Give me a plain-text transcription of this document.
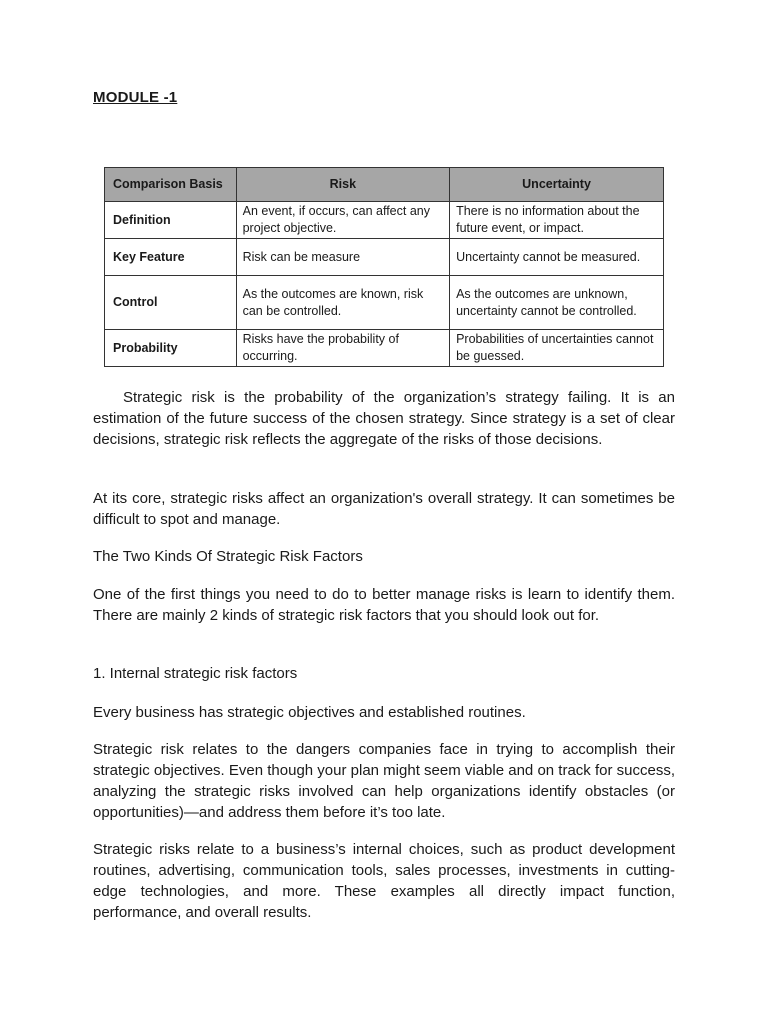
MODULE -1
Comparison Basis	Risk	Uncertainty
Definition	An event, if occurs, can affect any project objective.	There is no information about the future event, or impact.
Key Feature	Risk can be measure	Uncertainty cannot be measured.
Control	As the outcomes are known, risk can be controlled.	As the outcomes are unknown, uncertainty cannot be controlled.
Probability	Risks have the probability of occurring.	Probabilities of uncertainties cannot be guessed.

Strategic risk is the probability of the organization’s strategy failing. It is an estimation of the future success of the chosen strategy. Since strategy is a set of clear decisions, strategic risk reflects the aggregate of the risks of those decisions.

At its core, strategic risks affect an organization's overall strategy. It can sometimes be difficult to spot and manage.

The Two Kinds Of Strategic Risk Factors

One of the first things you need to do to better manage risks is learn to identify them. There are mainly 2 kinds of strategic risk factors that you should look out for.

1. Internal strategic risk factors

Every business has strategic objectives and established routines.

Strategic risk relates to the dangers companies face in trying to accomplish their strategic objectives. Even though your plan might seem viable and on track for success, analyzing the strategic risks involved can help organizations identify obstacles (or opportunities)—and address them before it’s too late.

Strategic risks relate to a business’s internal choices, such as product development routines, advertising, communication tools, sales processes, investments in cutting-edge technologies, and more. These examples all directly impact function, performance, and overall results.
